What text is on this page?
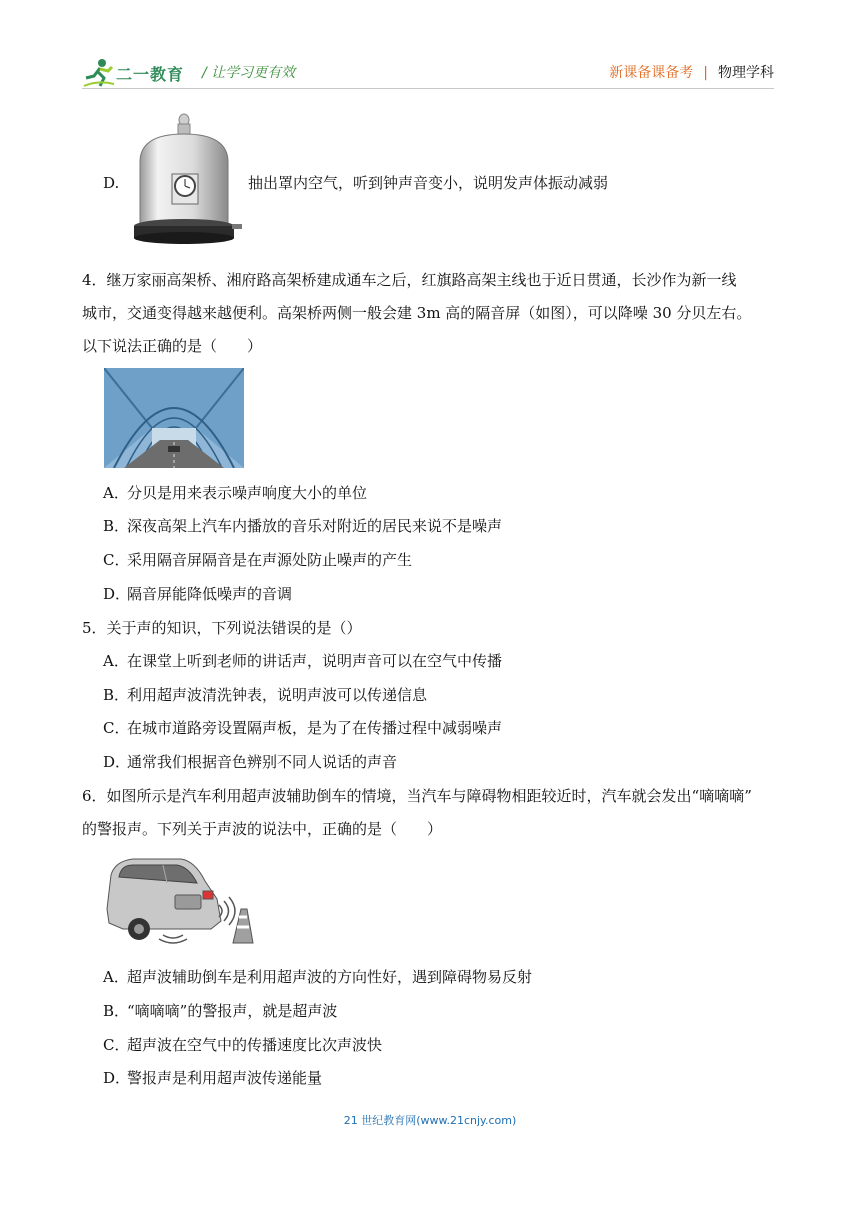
二一教育 / 让学习更有效	新课备课备考 | 物理学科
D.	抽出罩内空气，听到钟声音变小，说明发声体振动减弱
4．继万家丽高架桥、湘府路高架桥建成通车之后，红旗路高架主线也于近日贯通，长沙作为新一线
城市，交通变得越来越便利。高架桥两侧一般会建 3m 高的隔音屏（如图），可以降噪 30 分贝左右。
以下说法正确的是（　　）
A．分贝是用来表示噪声响度大小的单位
B．深夜高架上汽车内播放的音乐对附近的居民来说不是噪声
C．采用隔音屏隔音是在声源处防止噪声的产生
D．隔音屏能降低噪声的音调
5．关于声的知识，下列说法错误的是（）
A．在课堂上听到老师的讲话声，说明声音可以在空气中传播
B．利用超声波清洗钟表，说明声波可以传递信息
C．在城市道路旁设置隔声板，是为了在传播过程中减弱噪声
D．通常我们根据音色辨别不同人说话的声音
6．如图所示是汽车利用超声波辅助倒车的情境，当汽车与障碍物相距较近时，汽车就会发出“嘀嘀嘀”
的警报声。下列关于声波的说法中，正确的是（　　）
A．超声波辅助倒车是利用超声波的方向性好，遇到障碍物易反射
B．“嘀嘀嘀”的警报声，就是超声波
C．超声波在空气中的传播速度比次声波快
D．警报声是利用超声波传递能量
21 世纪教育网(www.21cnjy.com)
